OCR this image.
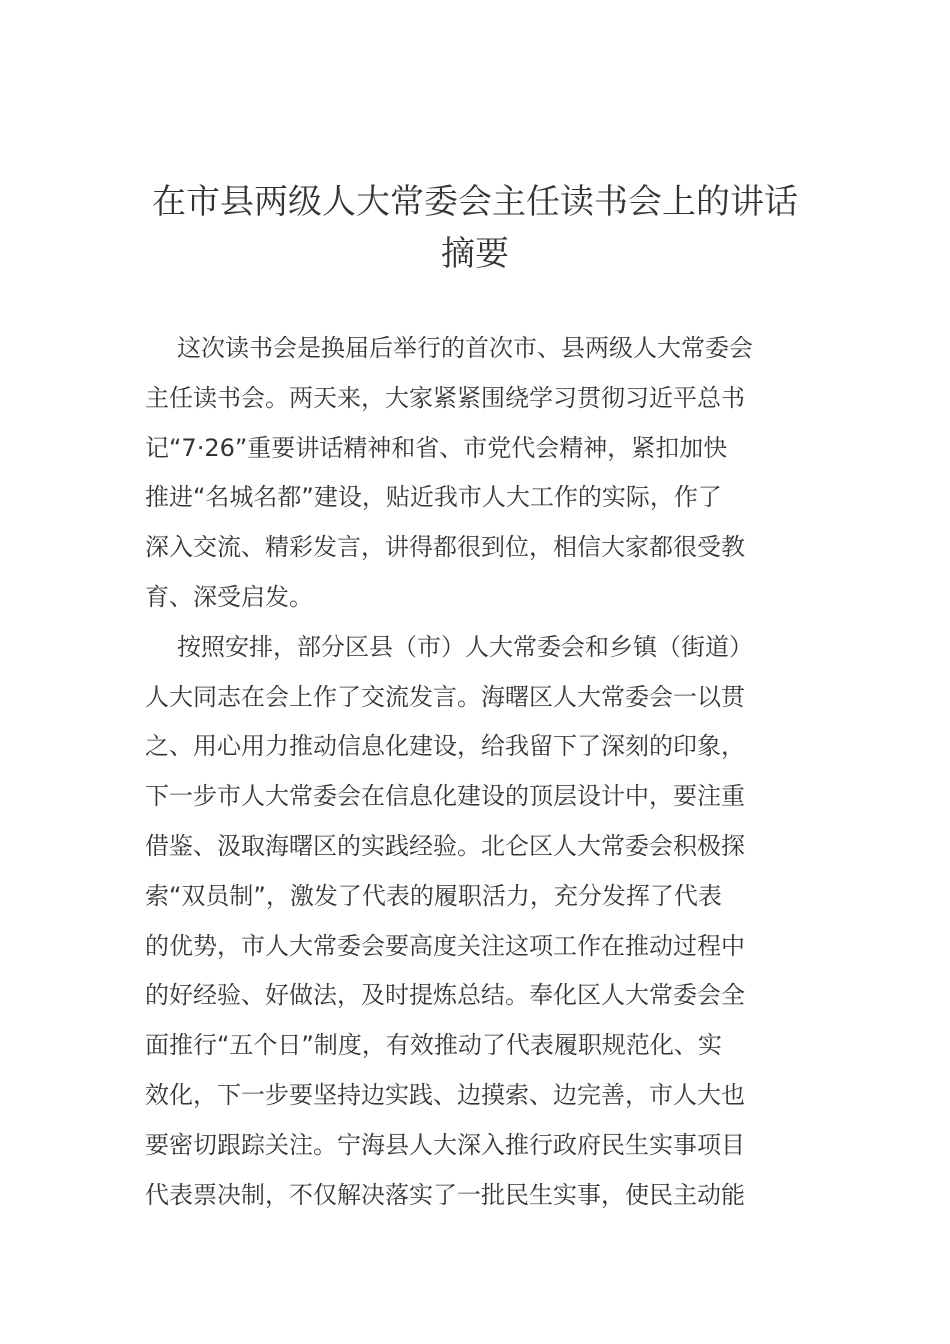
在市县两级人大常委会主任读书会上的讲话摘要

这次读书会是换届后举行的首次市、县两级人大常委会
主任读书会。两天来，大家紧紧围绕学习贯彻习近平总书
记“7·26”重要讲话精神和省、市党代会精神，紧扣加快
推进“名城名都”建设，贴近我市人大工作的实际，作了
深入交流、精彩发言，讲得都很到位，相信大家都很受教
育、深受启发。

按照安排，部分区县（市）人大常委会和乡镇（街道）
人大同志在会上作了交流发言。海曙区人大常委会一以贯
之、用心用力推动信息化建设，给我留下了深刻的印象，
下一步市人大常委会在信息化建设的顶层设计中，要注重
借鉴、汲取海曙区的实践经验。北仑区人大常委会积极探
索“双员制”，激发了代表的履职活力，充分发挥了代表
的优势，市人大常委会要高度关注这项工作在推动过程中
的好经验、好做法，及时提炼总结。奉化区人大常委会全
面推行“五个日”制度，有效推动了代表履职规范化、实
效化，下一步要坚持边实践、边摸索、边完善，市人大也
要密切跟踪关注。宁海县人大深入推行政府民生实事项目
代表票决制，不仅解决落实了一批民生实事，使民主动能
